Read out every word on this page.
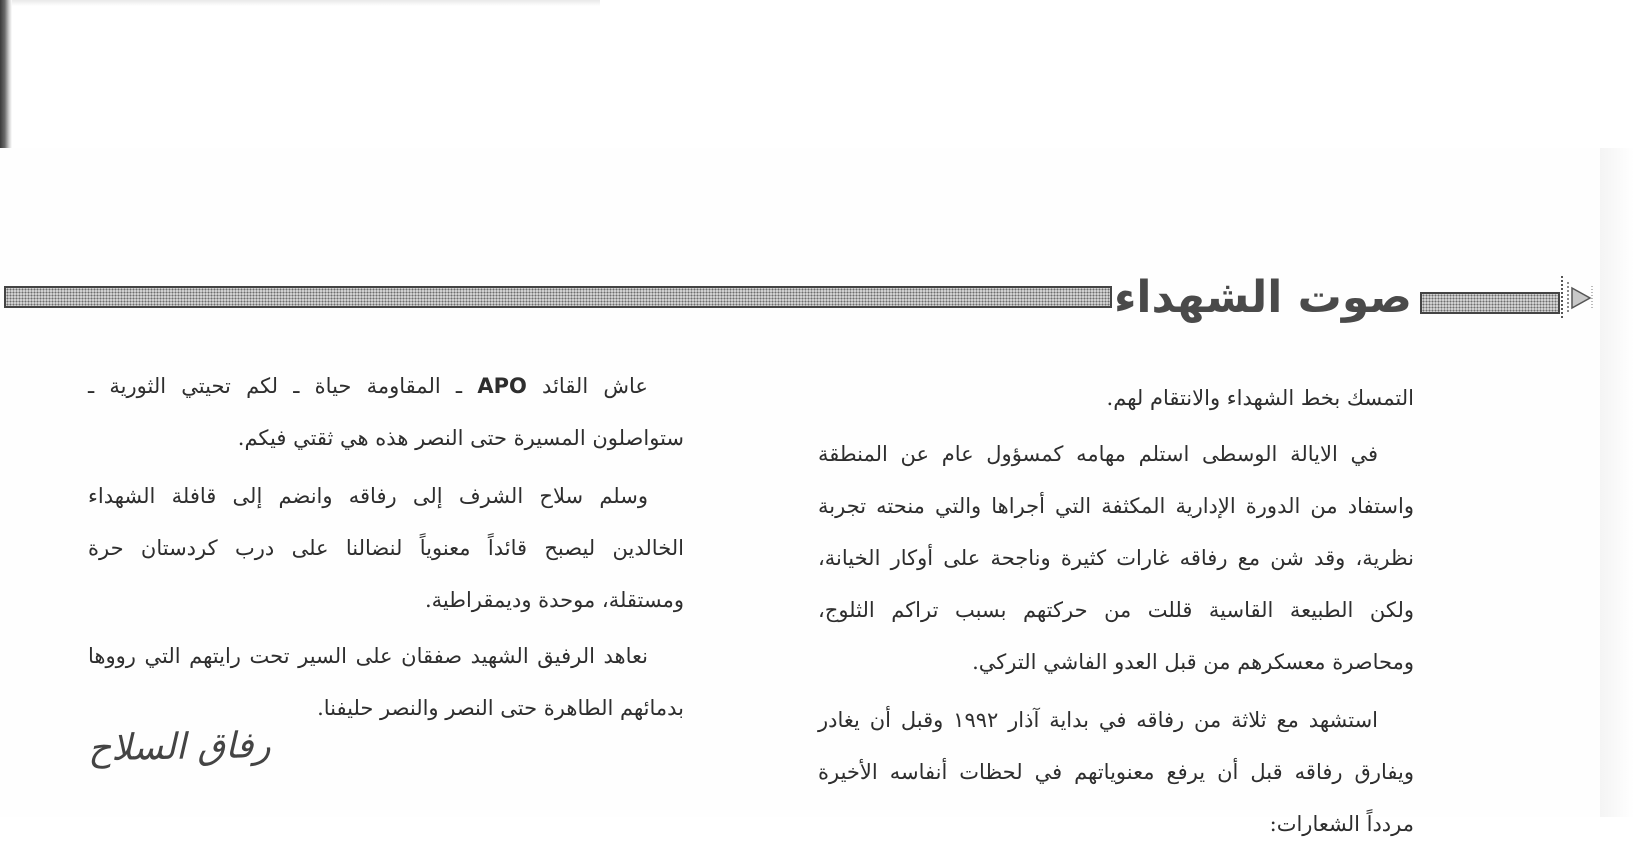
صوت الشهداء

التمسك بخط الشهداء والانتقام لهم.

في الايالة الوسطى استلم مهامه كمسؤول عام عن المنطقة واستفاد من الدورة الإدارية المكثفة التي أجراها والتي منحته تجربة نظرية، وقد شن مع رفاقه غارات كثيرة وناجحة على أوكار الخيانة، ولكن الطبيعة القاسية قللت من حركتهم بسبب تراكم الثلوج، ومحاصرة معسكرهم من قبل العدو الفاشي التركي.

استشهد مع ثلاثة من رفاقه في بداية آذار ١٩٩٢ وقبل أن يغادر ويفارق رفاقه قبل أن يرفع معنوياتهم في لحظات أنفاسه الأخيرة مردداً الشعارات:

عاش القائد APO ـ المقاومة حياة ـ لكم تحيتي الثورية ـ ستواصلون المسيرة حتى النصر هذه هي ثقتي فيكم.

وسلم سلاح الشرف إلى رفاقه وانضم إلى قافلة الشهداء الخالدين ليصبح قائداً معنوياً لنضالنا على درب كردستان حرة ومستقلة، موحدة وديمقراطية.

نعاهد الرفيق الشهيد صفقان على السير تحت رايتهم التي رووها بدمائهم الطاهرة حتى النصر والنصر حليفنا.

رفاق السلاح
